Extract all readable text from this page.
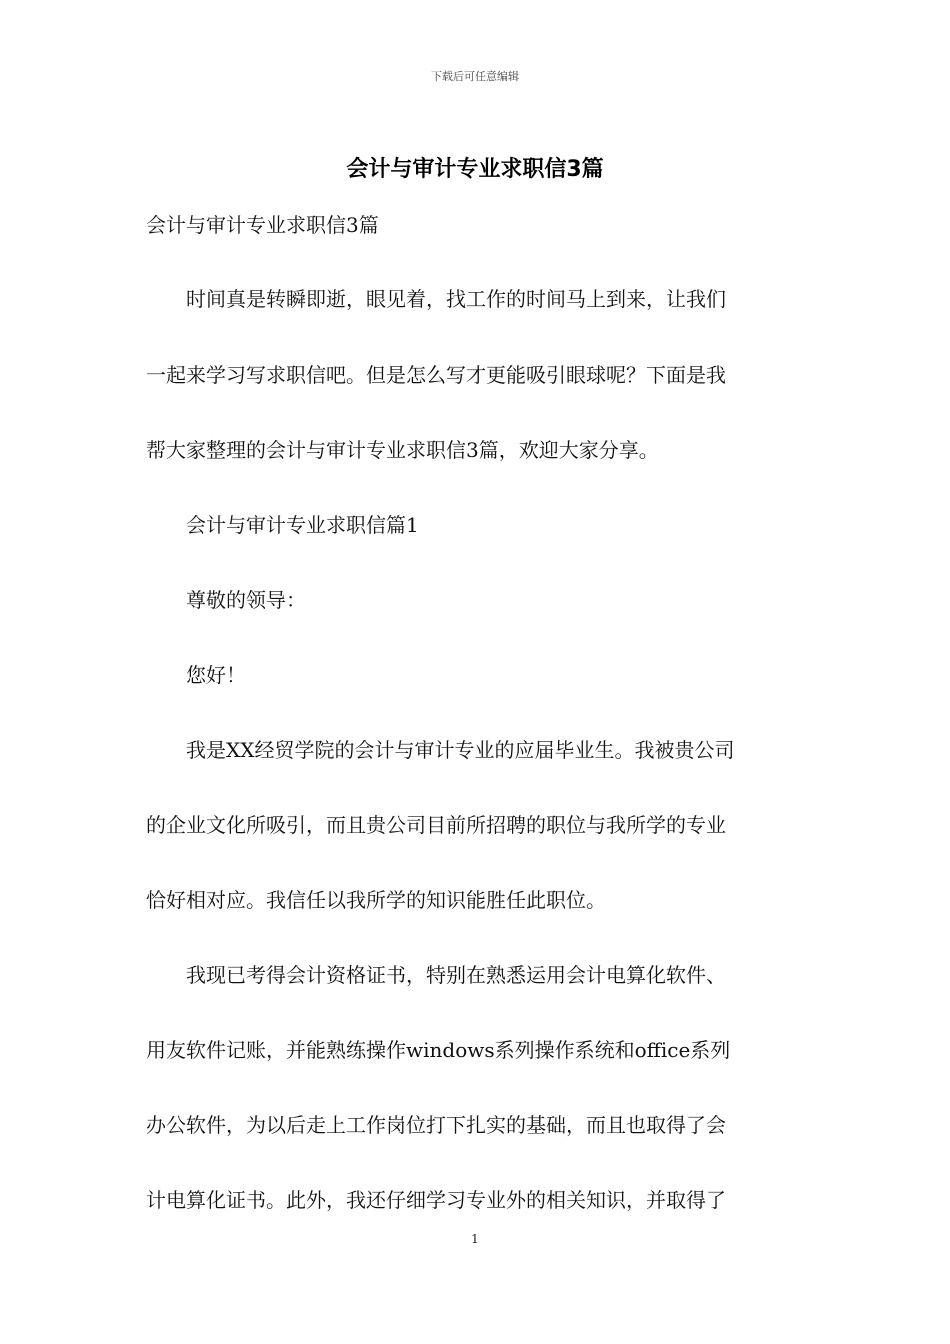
下载后可任意编辑
会计与审计专业求职信3篇
会计与审计专业求职信3篇
　　时间真是转瞬即逝，眼见着，找工作的时间马上到来，让我们
一起来学习写求职信吧。但是怎么写才更能吸引眼球呢？下面是我
帮大家整理的会计与审计专业求职信3篇，欢迎大家分享。
　　会计与审计专业求职信篇1
　　尊敬的领导：
　　您好！
　　我是XX经贸学院的会计与审计专业的应届毕业生。我被贵公司
的企业文化所吸引，而且贵公司目前所招聘的职位与我所学的专业
恰好相对应。我信任以我所学的知识能胜任此职位。
　　我现已考得会计资格证书，特别在熟悉运用会计电算化软件、
用友软件记账，并能熟练操作windows系列操作系统和office系列
办公软件，为以后走上工作岗位打下扎实的基础，而且也取得了会
计电算化证书。此外，我还仔细学习专业外的相关知识，并取得了
1
